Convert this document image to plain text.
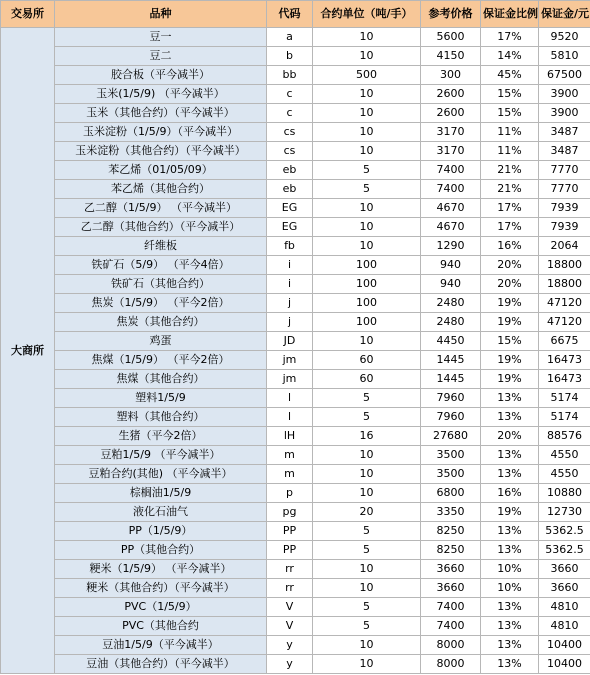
交易所	品种	代码	合约单位（吨/手）	参考价格	保证金比例	保证金/元
大商所	豆一	a	10	5600	17%	9520
	豆二	b	10	4150	14%	5810
	胶合板（平今减半）	bb	500	300	45%	67500
	玉米(1/5/9) （平今减半）	c	10	2600	15%	3900
	玉米（其他合约）（平今减半）	c	10	2600	15%	3900
	玉米淀粉（1/5/9）（平今减半）	cs	10	3170	11%	3487
	玉米淀粉（其他合约）（平今减半）	cs	10	3170	11%	3487
	苯乙烯（01/05/09）	eb	5	7400	21%	7770
	苯乙烯（其他合约）	eb	5	7400	21%	7770
	乙二醇（1/5/9） （平今减半）	EG	10	4670	17%	7939
	乙二醇（其他合约）（平今减半）	EG	10	4670	17%	7939
	纤维板	fb	10	1290	16%	2064
	铁矿石（5/9） （平今4倍）	i	100	940	20%	18800
	铁矿石（其他合约）	i	100	940	20%	18800
	焦炭（1/5/9） （平今2倍）	j	100	2480	19%	47120
	焦炭（其他合约）	j	100	2480	19%	47120
	鸡蛋	JD	10	4450	15%	6675
	焦煤（1/5/9） （平今2倍）	jm	60	1445	19%	16473
	焦煤（其他合约）	jm	60	1445	19%	16473
	塑料1/5/9	l	5	7960	13%	5174
	塑料（其他合约）	l	5	7960	13%	5174
	生猪（平今2倍）	lH	16	27680	20%	88576
	豆粕1/5/9 （平今减半）	m	10	3500	13%	4550
	豆粕合约(其他) （平今减半）	m	10	3500	13%	4550
	棕榈油1/5/9	p	10	6800	16%	10880
	液化石油气	pg	20	3350	19%	12730
	PP（1/5/9）	PP	5	8250	13%	5362.5
	PP（其他合约）	PP	5	8250	13%	5362.5
	粳米（1/5/9） （平今减半）	rr	10	3660	10%	3660
	粳米（其他合约）（平今减半）	rr	10	3660	10%	3660
	PVC（1/5/9）	V	5	7400	13%	4810
	PVC（其他合约	V	5	7400	13%	4810
	豆油1/5/9（平今减半）	y	10	8000	13%	10400
	豆油（其他合约）（平今减半）	y	10	8000	13%	10400
